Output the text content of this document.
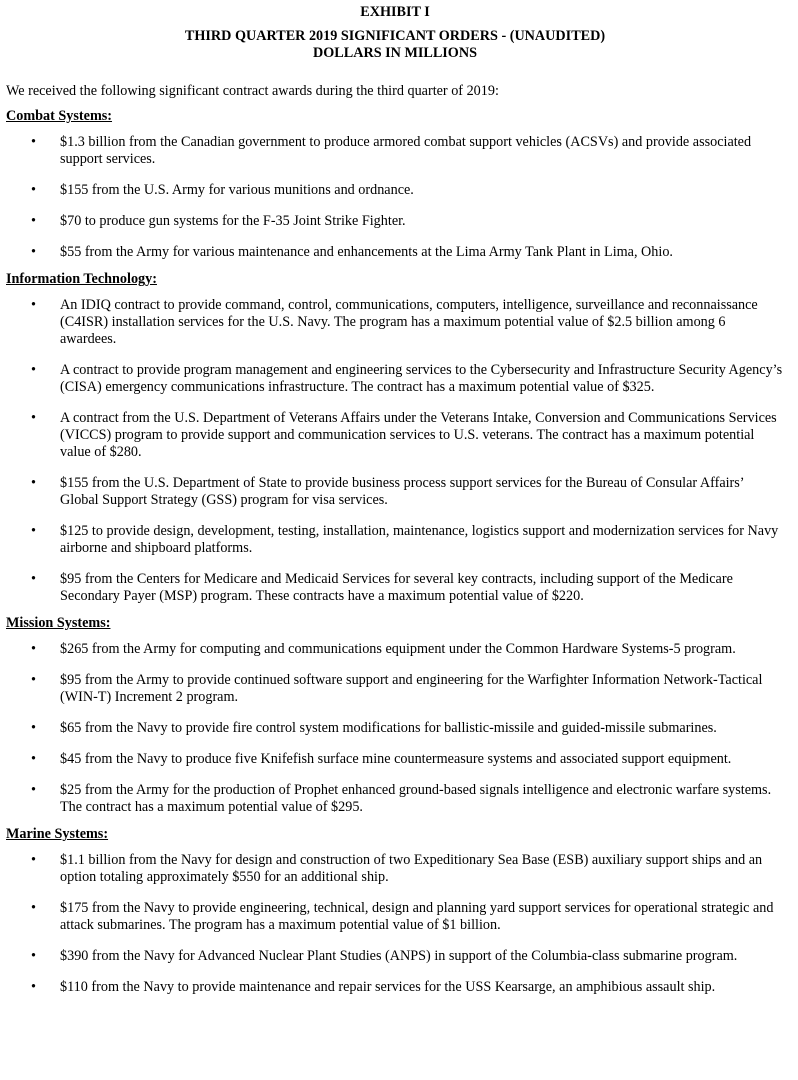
EXHIBIT I
THIRD QUARTER 2019 SIGNIFICANT ORDERS - (UNAUDITED)
DOLLARS IN MILLIONS
We received the following significant contract awards during the third quarter of 2019:
Combat Systems:
• $1.3 billion from the Canadian government to produce armored combat support vehicles (ACSVs) and provide associated support services.
• $155 from the U.S. Army for various munitions and ordnance.
• $70 to produce gun systems for the F-35 Joint Strike Fighter.
• $55 from the Army for various maintenance and enhancements at the Lima Army Tank Plant in Lima, Ohio.
Information Technology:
• An IDIQ contract to provide command, control, communications, computers, intelligence, surveillance and reconnaissance (C4ISR) installation services for the U.S. Navy. The program has a maximum potential value of $2.5 billion among 6 awardees.
• A contract to provide program management and engineering services to the Cybersecurity and Infrastructure Security Agency’s (CISA) emergency communications infrastructure. The contract has a maximum potential value of $325.
• A contract from the U.S. Department of Veterans Affairs under the Veterans Intake, Conversion and Communications Services (VICCS) program to provide support and communication services to U.S. veterans. The contract has a maximum potential value of $280.
• $155 from the U.S. Department of State to provide business process support services for the Bureau of Consular Affairs’ Global Support Strategy (GSS) program for visa services.
• $125 to provide design, development, testing, installation, maintenance, logistics support and modernization services for Navy airborne and shipboard platforms.
• $95 from the Centers for Medicare and Medicaid Services for several key contracts, including support of the Medicare Secondary Payer (MSP) program. These contracts have a maximum potential value of $220.
Mission Systems:
• $265 from the Army for computing and communications equipment under the Common Hardware Systems-5 program.
• $95 from the Army to provide continued software support and engineering for the Warfighter Information Network-Tactical (WIN-T) Increment 2 program.
• $65 from the Navy to provide fire control system modifications for ballistic-missile and guided-missile submarines.
• $45 from the Navy to produce five Knifefish surface mine countermeasure systems and associated support equipment.
• $25 from the Army for the production of Prophet enhanced ground-based signals intelligence and electronic warfare systems. The contract has a maximum potential value of $295.
Marine Systems:
• $1.1 billion from the Navy for design and construction of two Expeditionary Sea Base (ESB) auxiliary support ships and an option totaling approximately $550 for an additional ship.
• $175 from the Navy to provide engineering, technical, design and planning yard support services for operational strategic and attack submarines. The program has a maximum potential value of $1 billion.
• $390 from the Navy for Advanced Nuclear Plant Studies (ANPS) in support of the Columbia-class submarine program.
• $110 from the Navy to provide maintenance and repair services for the USS Kearsarge, an amphibious assault ship.
